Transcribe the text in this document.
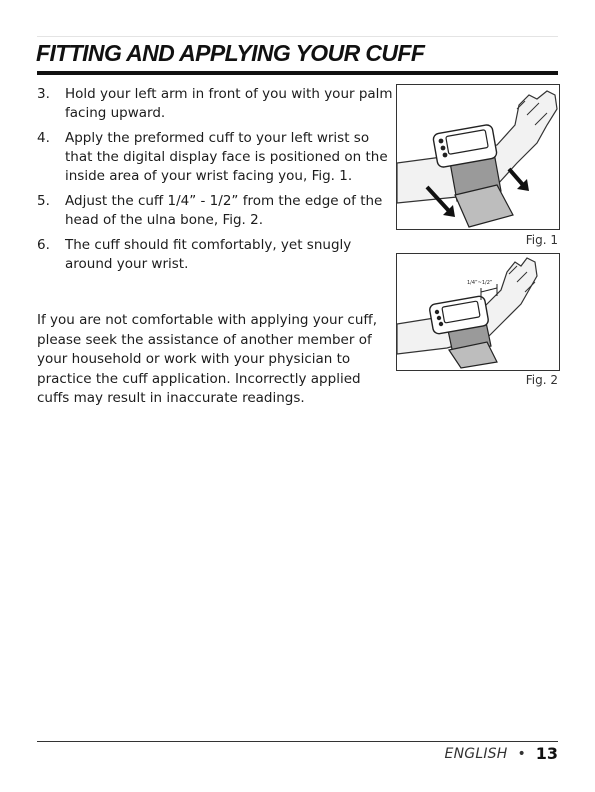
FITTING AND APPLYING YOUR CUFF
3.	Hold your left arm in front of you with your palm facing upward.
4.	Apply the preformed cuff to your left wrist so that the digital display face is positioned on the inside area of your wrist facing you, Fig. 1.
5.	Adjust the cuff 1/4” - 1/2” from the edge of the head of the ulna bone, Fig. 2.
6.	The cuff should fit comfortably, yet snugly around your wrist.

If you are not comfortable with applying your cuff, please seek the assistance of another member of your household or work with your physician to practice the cuff application. Incorrectly applied cuffs may result in inaccurate readings.

Fig. 1
1/4”~1/2”
Fig. 2
ENGLISH • 13
